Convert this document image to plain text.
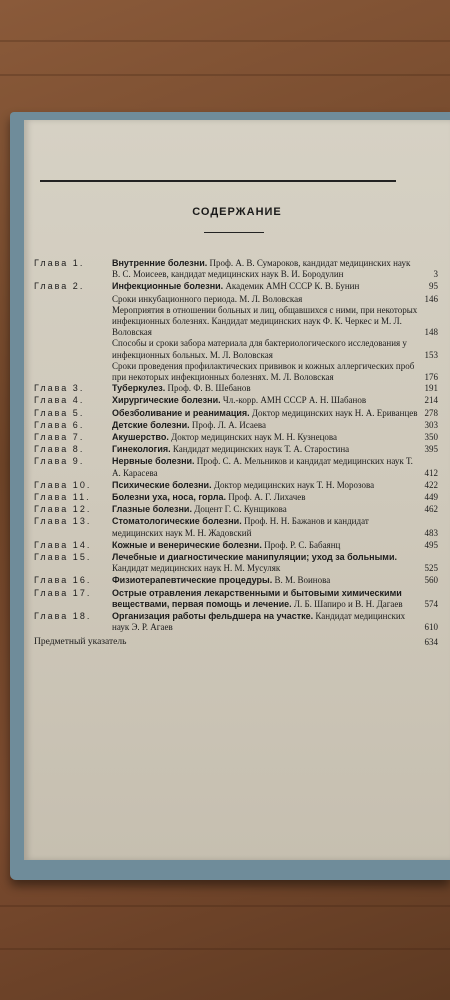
СОДЕРЖАНИЕ
Глава 1.	Внутренние болезни. Проф. А. В. Сумароков, кандидат медицинских наук В. С. Моисеев, кандидат медицинских наук В. И. Бородулин	3
Глава 2.	Инфекционные болезни. Академик АМН СССР К. В. Бунин	95
Сроки инкубационного периода. М. Л. Воловская	146
Мероприятия в отношении больных и лиц, общавшихся с ними, при некоторых инфекционных болезнях. Кандидат медицинских наук Ф. К. Черкес и М. Л. Воловская	148
Способы и сроки забора материала для бактериологического исследования у инфекционных больных. М. Л. Воловская	153
Сроки проведения профилактических прививок и кожных аллергических проб при некоторых инфекционных болезнях. М. Л. Воловская	176
Глава 3.	Туберкулез. Проф. Ф. В. Шебанов	191
Глава 4.	Хирургические болезни. Чл.-корр. АМН СССР А. Н. Шабанов	214
Глава 5.	Обезболивание и реанимация. Доктор медицинских наук Н. А. Ериванцев 278
Глава 6.	Детские болезни. Проф. Л. А. Исаева	303
Глава 7.	Акушерство. Доктор медицинских наук М. Н. Кузнецова	350
Глава 8.	Гинекология. Кандидат медицинских наук Т. А. Старостина	395
Глава 9.	Нервные болезни. Проф. С. А. Мельников и кандидат медицинских наук Т. А. Карасева	412
Глава 10.	Психические болезни. Доктор медицинских наук Т. Н. Морозова	422
Глава 11.	Болезни уха, носа, горла. Проф. А. Г. Лихачев	449
Глава 12.	Глазные болезни. Доцент Г. С. Кунщикова	462
Глава 13.	Стоматологические болезни. Проф. Н. Н. Бажанов и кандидат медицинских наук М. Н. Жадовский	483
Глава 14.	Кожные и венерические болезни. Проф. Р. С. Бабаянц	495
Глава 15.	Лечебные и диагностические манипуляции; уход за больными. Кандидат медицинских наук Н. М. Мусуляк	525
Глава 16.	Физиотерапевтические процедуры. В. М. Воинова	560
Глава 17.	Острые отравления лекарственными и бытовыми химическими веществами, первая помощь и лечение. Л. Б. Шапиро и В. Н. Дагаев	574
Глава 18.	Организация работы фельдшера на участке. Кандидат медицинских наук Э. Р. Агаев	610
Предметный указатель	634
